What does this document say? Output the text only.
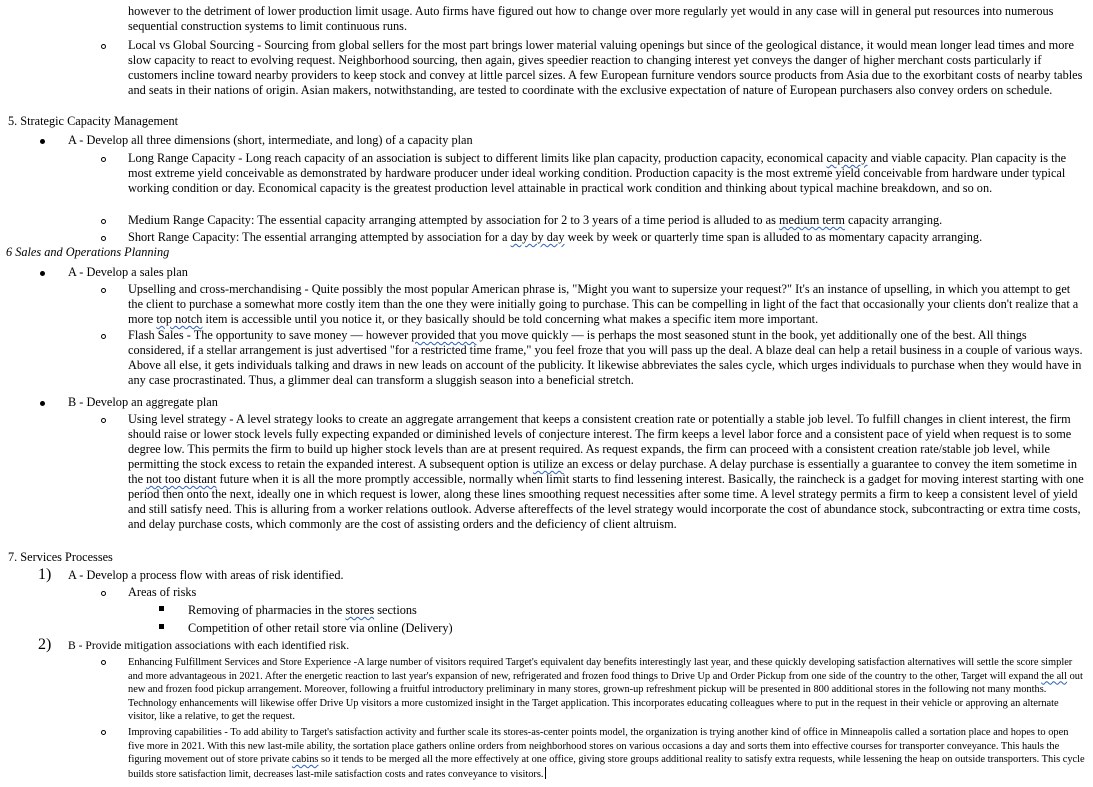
however to the detriment of lower production limit usage. Auto firms have figured out how to change over more regularly yet would in any case will in general put resources into numerous sequential construction systems to limit continuous runs.
Local vs Global Sourcing - Sourcing from global sellers for the most part brings lower material valuing openings but since of the geological distance, it would mean longer lead times and more slow capacity to react to evolving request. Neighborhood sourcing, then again, gives speedier reaction to changing interest yet conveys the danger of higher merchant costs particularly if customers incline toward nearby providers to keep stock and convey at little parcel sizes. A few European furniture vendors source products from Asia due to the exorbitant costs of nearby tables and seats in their nations of origin. Asian makers, notwithstanding, are tested to coordinate with the exclusive expectation of nature of European purchasers also convey orders on schedule.
5. Strategic Capacity Management
A - Develop all three dimensions (short, intermediate, and long) of a capacity plan
Long Range Capacity - Long reach capacity of an association is subject to different limits like plan capacity, production capacity, economical capacity and viable capacity. Plan capacity is the most extreme yield conceivable as demonstrated by hardware producer under ideal working condition. Production capacity is the most extreme yield conceivable from hardware under typical working condition or day. Economical capacity is the greatest production level attainable in practical work condition and thinking about typical machine breakdown, and so on.
Medium Range Capacity: The essential capacity arranging attempted by association for 2 to 3 years of a time period is alluded to as medium term capacity arranging.
Short Range Capacity: The essential arranging attempted by association for a day by day week by week or quarterly time span is alluded to as momentary capacity arranging.
6 Sales and Operations Planning
A - Develop a sales plan
Upselling and cross-merchandising - Quite possibly the most popular American phrase is, "Might you want to supersize your request?" It's an instance of upselling, in which you attempt to get the client to purchase a somewhat more costly item than the one they were initially going to purchase. This can be compelling in light of the fact that occasionally your clients don't realize that a more top notch item is accessible until you notice it, or they basically should be told concerning what makes a specific item more important.
Flash Sales - The opportunity to save money — however provided that you move quickly — is perhaps the most seasoned stunt in the book, yet additionally one of the best. All things considered, if a stellar arrangement is just advertised "for a restricted time frame," you feel froze that you will pass up the deal. A blaze deal can help a retail business in a couple of various ways. Above all else, it gets individuals talking and draws in new leads on account of the publicity. It likewise abbreviates the sales cycle, which urges individuals to purchase when they would have in any case procrastinated. Thus, a glimmer deal can transform a sluggish season into a beneficial stretch.
B - Develop an aggregate plan
Using level strategy - A level strategy looks to create an aggregate arrangement that keeps a consistent creation rate or potentially a stable job level. To fulfill changes in client interest, the firm should raise or lower stock levels fully expecting expanded or diminished levels of conjecture interest. The firm keeps a level labor force and a consistent pace of yield when request is to some degree low. This permits the firm to build up higher stock levels than are at present required. As request expands, the firm can proceed with a consistent creation rate/stable job level, while permitting the stock excess to retain the expanded interest. A subsequent option is utilize an excess or delay purchase. A delay purchase is essentially a guarantee to convey the item sometime in the not too distant future when it is all the more promptly accessible, normally when limit starts to find lessening interest. Basically, the raincheck is a gadget for moving interest starting with one period then onto the next, ideally one in which request is lower, along these lines smoothing request necessities after some time. A level strategy permits a firm to keep a consistent level of yield and still satisfy need. This is alluring from a worker relations outlook. Adverse aftereffects of the level strategy would incorporate the cost of abundance stock, subcontracting or extra time costs, and delay purchase costs, which commonly are the cost of assisting orders and the deficiency of client altruism.
7. Services Processes
1) A - Develop a process flow with areas of risk identified.
Areas of risks
Removing of pharmacies in the stores sections
Competition of other retail store via online (Delivery)
2) B - Provide mitigation associations with each identified risk.
Enhancing Fulfillment Services and Store Experience -A large number of visitors required Target's equivalent day benefits interestingly last year, and these quickly developing satisfaction alternatives will settle the score simpler and more advantageous in 2021. After the energetic reaction to last year's expansion of new, refrigerated and frozen food things to Drive Up and Order Pickup from one side of the country to the other, Target will expand the all out new and frozen food pickup arrangement. Moreover, following a fruitful introductory preliminary in many stores, grown-up refreshment pickup will be presented in 800 additional stores in the following not many months. Technology enhancements will likewise offer Drive Up visitors a more customized insight in the Target application. This incorporates educating colleagues where to put in the request in their vehicle or approving an alternate visitor, like a relative, to get the request.
Improving capabilities - To add ability to Target's satisfaction activity and further scale its stores-as-center points model, the organization is trying another kind of office in Minneapolis called a sortation place and hopes to open five more in 2021. With this new last-mile ability, the sortation place gathers online orders from neighborhood stores on various occasions a day and sorts them into effective courses for transporter conveyance. This hauls the figuring movement out of store private cabins so it tends to be merged all the more effectively at one office, giving store groups additional reality to satisfy extra requests, while lessening the heap on outside transporters. This cycle builds store satisfaction limit, decreases last-mile satisfaction costs and rates conveyance to visitors.
